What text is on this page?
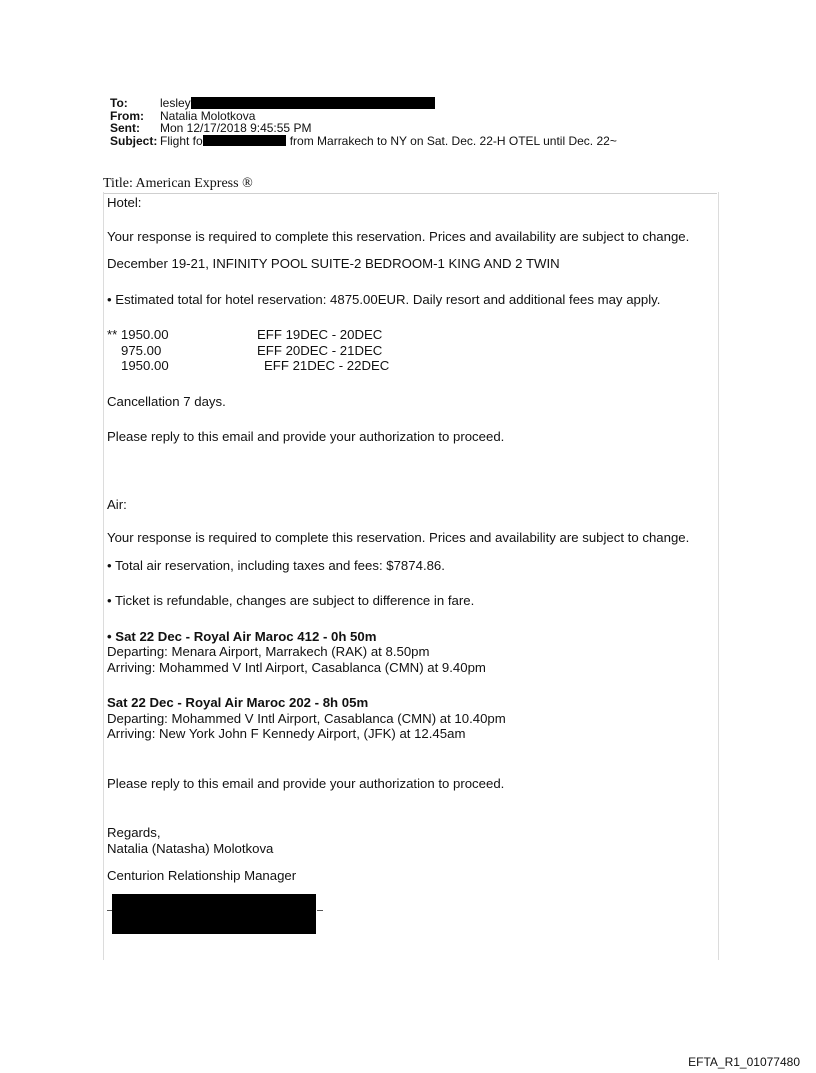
To:	lesley
From:	Natalia Molotkova
Sent:	Mon 12/17/2018 9:45:55 PM
Subject: Flight fo	from Marrakech to NY on Sat. Dec. 22-H OTEL until Dec. 22~
Title: American Express ®

Hotel:

Your response is required to complete this reservation. Prices and availability are subject to change.

December 19-21, INFINITY POOL SUITE-2 BEDROOM-1 KING AND 2 TWIN

• Estimated total for hotel reservation: 4875.00EUR. Daily resort and additional fees may apply.

** 1950.00	EFF 19DEC - 20DEC
975.00	EFF 20DEC - 21DEC
1950.00	EFF 21DEC - 22DEC

Cancellation 7 days.

Please reply to this email and provide your authorization to proceed.

Air:

Your response is required to complete this reservation. Prices and availability are subject to change.

• Total air reservation, including taxes and fees: $7874.86.

• Ticket is refundable, changes are subject to difference in fare.

• Sat 22 Dec - Royal Air Maroc 412 - 0h 50m

Departing: Menara Airport, Marrakech (RAK) at 8.50pm

Arriving: Mohammed V Intl Airport, Casablanca (CMN) at 9.40pm

Sat 22 Dec - Royal Air Maroc 202 - 8h 05m

Departing: Mohammed V Intl Airport, Casablanca (CMN) at 10.40pm

Arriving: New York John F Kennedy Airport, (JFK) at 12.45am

Please reply to this email and provide your authorization to proceed.

Regards,

Natalia (Natasha) Molotkova

Centurion Relationship Manager

EFTA_R1_01077480
